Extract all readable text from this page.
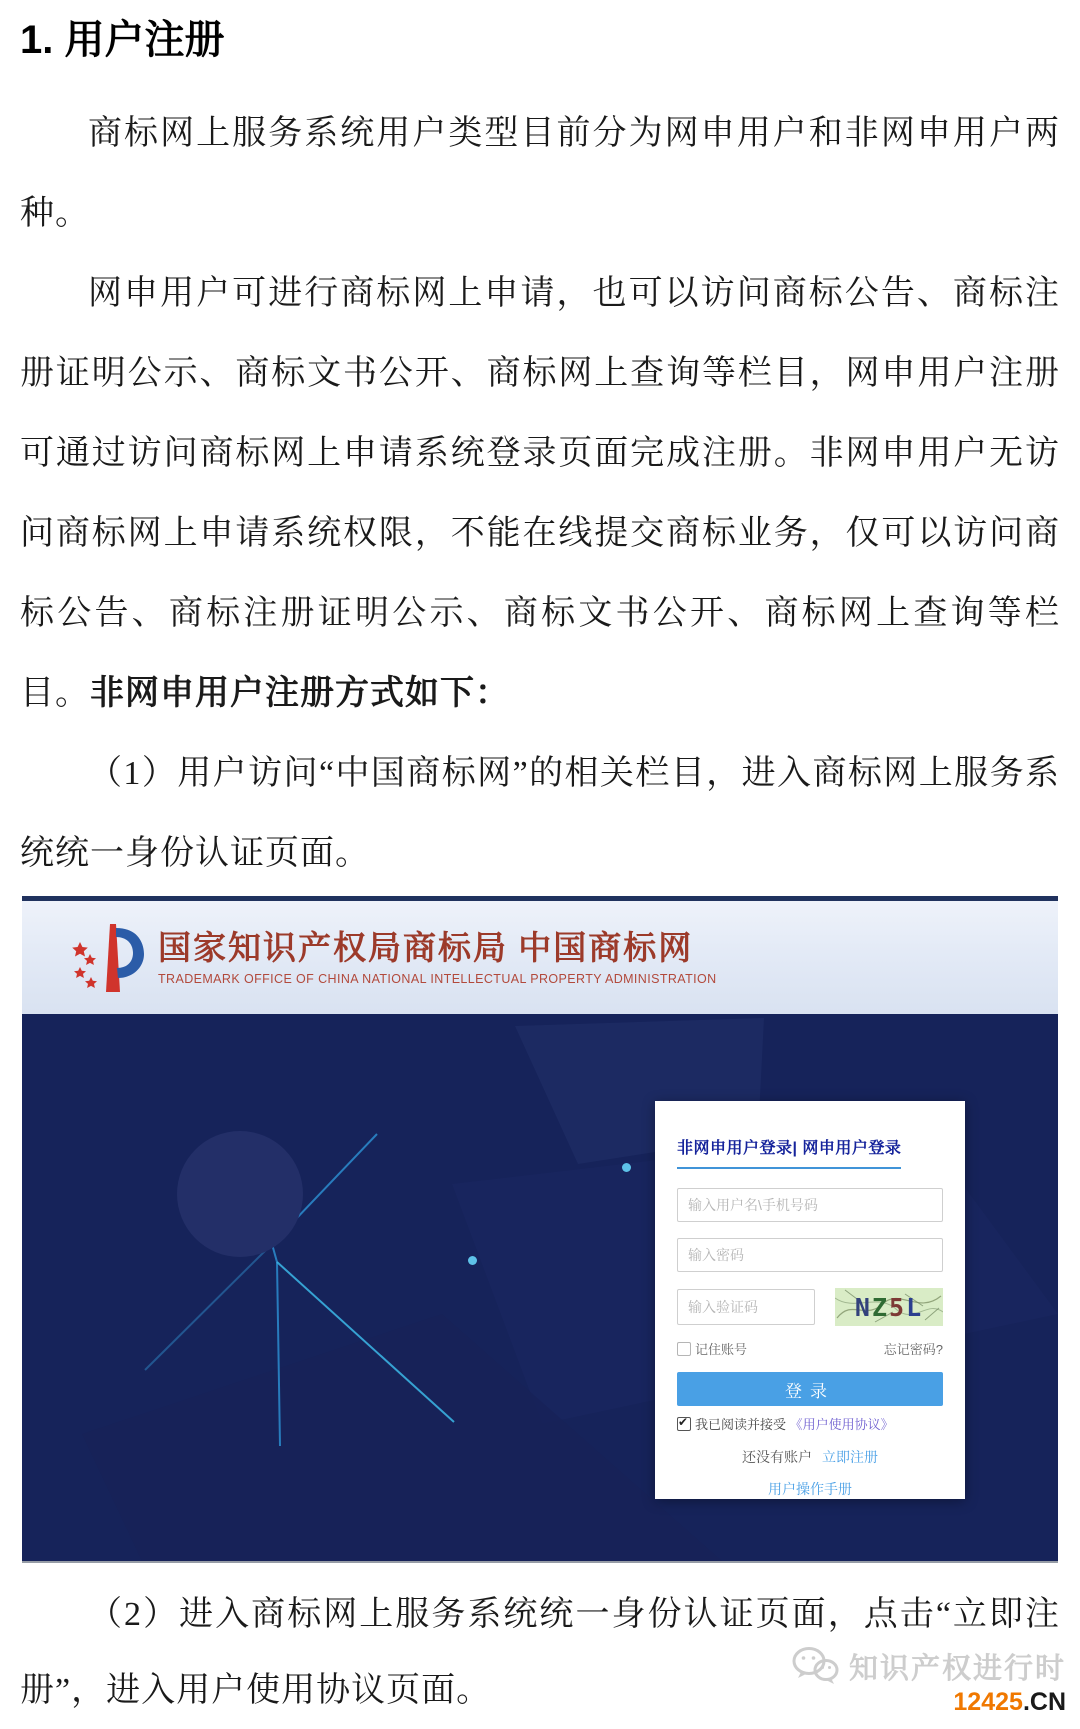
1. 用户注册

商标网上服务系统用户类型目前分为网申用户和非网申用户两种。

网申用户可进行商标网上申请，也可以访问商标公告、商标注册证明公示、商标文书公开、商标网上查询等栏目，网申用户注册可通过访问商标网上申请系统登录页面完成注册。非网申用户无访问商标网上申请系统权限，不能在线提交商标业务，仅可以访问商标公告、商标注册证明公示、商标文书公开、商标网上查询等栏目。非网申用户注册方式如下：

（1）用户访问“中国商标网”的相关栏目，进入商标网上服务系统统一身份认证页面。

国家知识产权局商标局 中国商标网
TRADEMARK OFFICE OF CHINA NATIONAL INTELLECTUAL PROPERTY ADMINISTRATION
非网申用户登录| 网申用户登录
输入用户名\手机号码
输入验证码
NZ5L
记住账号	忘记密码?
登录
✔我已阅读并接受 《用户使用协议》
还没有账户 立即注册
用户操作手册

（2）进入商标网上服务系统统一身份认证页面，点击“立即注册”，进入用户使用协议页面。

知识产权进行时
12425.CN
